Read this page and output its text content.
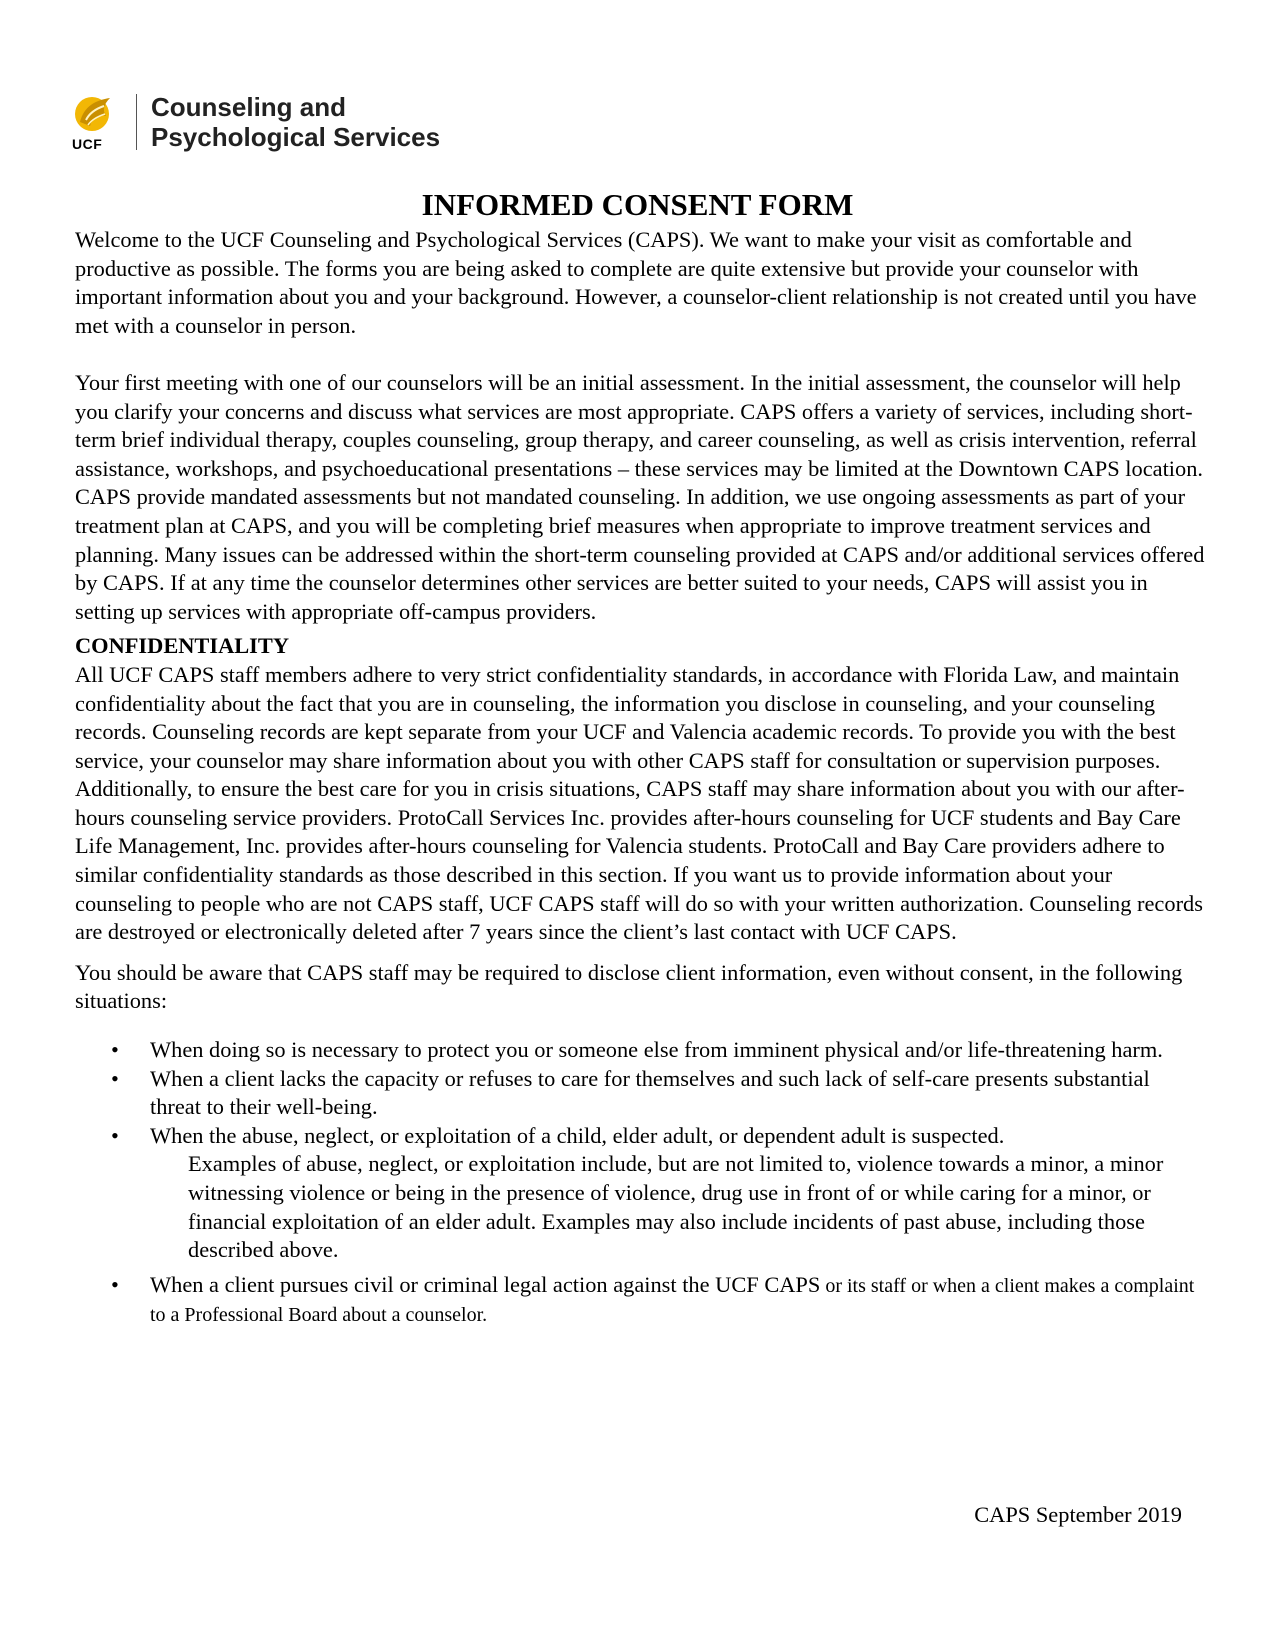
UCF
Counseling and
Psychological Services
INFORMED CONSENT FORM

Welcome to the UCF Counseling and Psychological Services (CAPS). We want to make your visit as comfortable and productive as possible. The forms you are being asked to complete are quite extensive but provide your counselor with important information about you and your background. However, a counselor-client relationship is not created until you have met with a counselor in person.

Your first meeting with one of our counselors will be an initial assessment. In the initial assessment, the counselor will help you clarify your concerns and discuss what services are most appropriate. CAPS offers a variety of services, including short-term brief individual therapy, couples counseling, group therapy, and career counseling, as well as crisis intervention, referral assistance, workshops, and psychoeducational presentations – these services may be limited at the Downtown CAPS location. CAPS provide mandated assessments but not mandated counseling. In addition, we use ongoing assessments as part of your treatment plan at CAPS, and you will be completing brief measures when appropriate to improve treatment services and planning. Many issues can be addressed within the short-term counseling provided at CAPS and/or additional services offered by CAPS. If at any time the counselor determines other services are better suited to your needs, CAPS will assist you in setting up services with appropriate off-campus providers.

CONFIDENTIALITY

All UCF CAPS staff members adhere to very strict confidentiality standards, in accordance with Florida Law, and maintain confidentiality about the fact that you are in counseling, the information you disclose in counseling, and your counseling records. Counseling records are kept separate from your UCF and Valencia academic records. To provide you with the best service, your counselor may share information about you with other CAPS staff for consultation or supervision purposes. Additionally, to ensure the best care for you in crisis situations, CAPS staff may share information about you with our after-hours counseling service providers. ProtoCall Services Inc. provides after-hours counseling for UCF students and Bay Care Life Management, Inc. provides after-hours counseling for Valencia students. ProtoCall and Bay Care providers adhere to similar confidentiality standards as those described in this section. If you want us to provide information about your counseling to people who are not CAPS staff, UCF CAPS staff will do so with your written authorization. Counseling records are destroyed or electronically deleted after 7 years since the client’s last contact with UCF CAPS.

You should be aware that CAPS staff may be required to disclose client information, even without consent, in the following situations:

• When doing so is necessary to protect you or someone else from imminent physical and/or life-threatening harm.
• When a client lacks the capacity or refuses to care for themselves and such lack of self-care presents substantial threat to their well-being.
• When the abuse, neglect, or exploitation of a child, elder adult, or dependent adult is suspected.
Examples of abuse, neglect, or exploitation include, but are not limited to, violence towards a minor, a minor witnessing violence or being in the presence of violence, drug use in front of or while caring for a minor, or financial exploitation of an elder adult. Examples may also include incidents of past abuse, including those described above.
• When a client pursues civil or criminal legal action against the UCF CAPS or its staff or when a client makes a complaint to a Professional Board about a counselor.
CAPS September 2019
